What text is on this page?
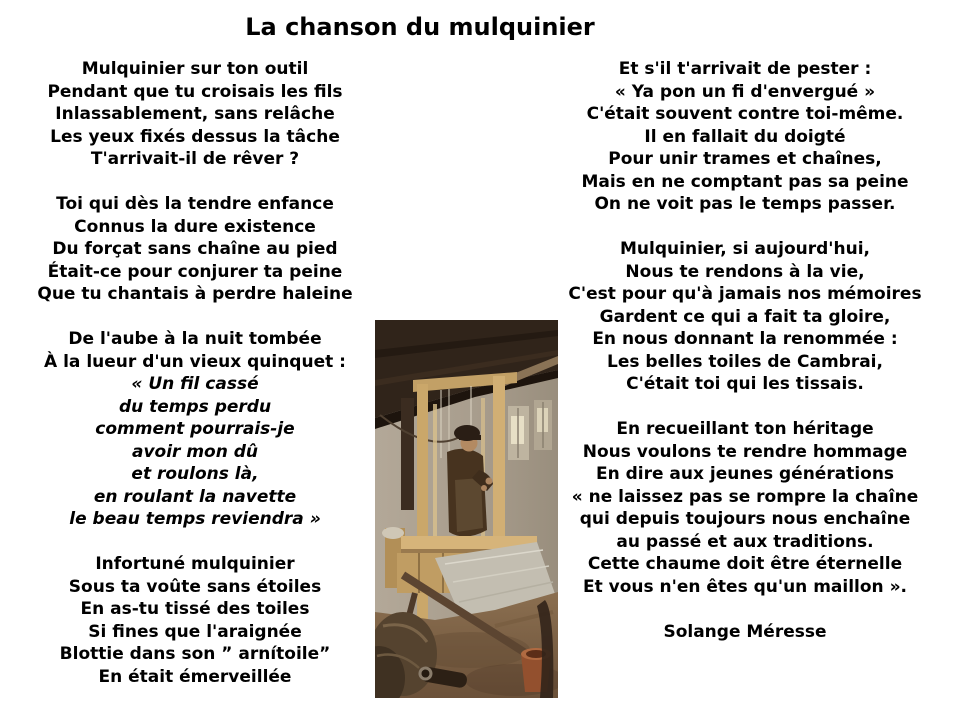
La chanson du mulquinier
Mulquinier sur ton outil
Pendant que tu croisais les fils
Inlassablement, sans relâche
Les yeux fixés dessus la tâche
T'arrivait-il de rêver ?
Toi qui dès la tendre enfance
Connus la dure existence
Du forçat sans chaîne au pied
Était-ce pour conjurer ta peine
Que tu chantais à perdre haleine
De l'aube à la nuit tombée
À la lueur d'un vieux quinquet :
« Un fil cassé
du temps perdu
comment pourrais-je
avoir mon dû
et roulons là,
en roulant la navette
le beau temps reviendra »
Infortuné mulquinier
Sous ta voûte sans étoiles
En as-tu tissé des toiles
Si fines que l'araignée
Blottie dans son ” arnítoile”
En était émerveillée
Et s'il t'arrivait de pester :
« Ya pon un fi d'envergué »
C'était souvent contre toi-même.
Il en fallait du doigté
Pour unir trames et chaînes,
Mais en ne comptant pas sa peine
On ne voit pas le temps passer.
Mulquinier, si aujourd'hui,
Nous te rendons à la vie,
C'est pour qu'à jamais nos mémoires
Gardent ce qui a fait ta gloire,
En nous donnant la renommée :
Les belles toiles de Cambrai,
C'était toi qui les tissais.
En recueillant ton héritage
Nous voulons te rendre hommage
En dire aux jeunes générations
« ne laissez pas se rompre la chaîne
qui depuis toujours nous enchaîne
au passé et aux traditions.
Cette chaume doit être éternelle
Et vous n'en êtes qu'un maillon ».
Solange Méresse
